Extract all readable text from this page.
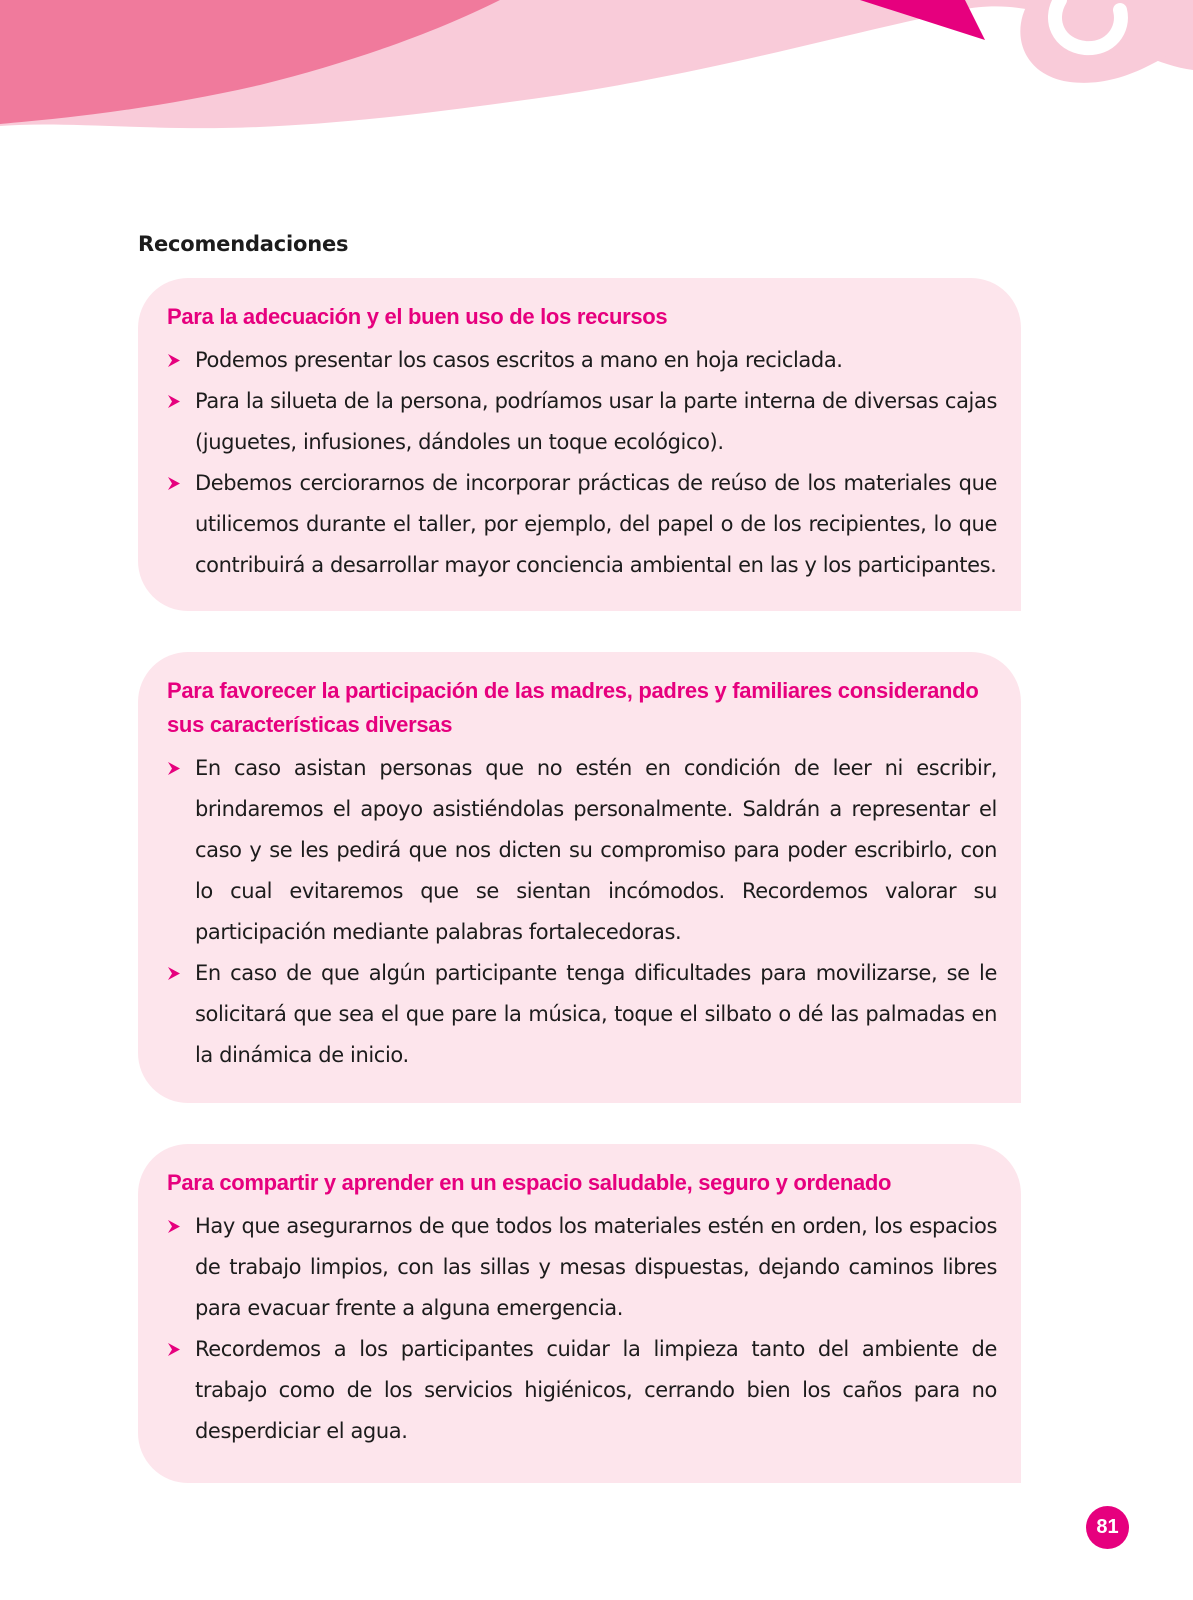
Recomendaciones
Para la adecuación y el buen uso de los recursos
Podemos presentar los casos escritos a mano en hoja reciclada.
Para la silueta de la persona, podríamos usar la parte interna de diversas cajas (juguetes, infusiones, dándoles un toque ecológico).
Debemos cerciorarnos de incorporar prácticas de reúso de los materiales que utilicemos durante el taller, por ejemplo, del papel o de los recipientes, lo que contribuirá a desarrollar mayor conciencia ambiental en las y los participantes.
Para favorecer la participación de las madres, padres y familiares considerando sus características diversas
En caso asistan personas que no estén en condición de leer ni escribir, brindaremos el apoyo asistiéndolas personalmente. Saldrán a representar el caso y se les pedirá que nos dicten su compromiso para poder escribirlo, con lo cual evitaremos que se sientan incómodos. Recordemos valorar su participación mediante palabras fortalecedoras.
En caso de que algún participante tenga dificultades para movilizarse, se le solicitará que sea el que pare la música, toque el silbato o dé las palmadas en la dinámica de inicio.
Para compartir y aprender en un espacio saludable, seguro y ordenado
Hay que asegurarnos de que todos los materiales estén en orden, los espacios de trabajo limpios, con las sillas y mesas dispuestas, dejando caminos libres para evacuar frente a alguna emergencia.
Recordemos a los participantes cuidar la limpieza tanto del ambiente de trabajo como de los servicios higiénicos, cerrando bien los caños para no desperdiciar el agua.
81
